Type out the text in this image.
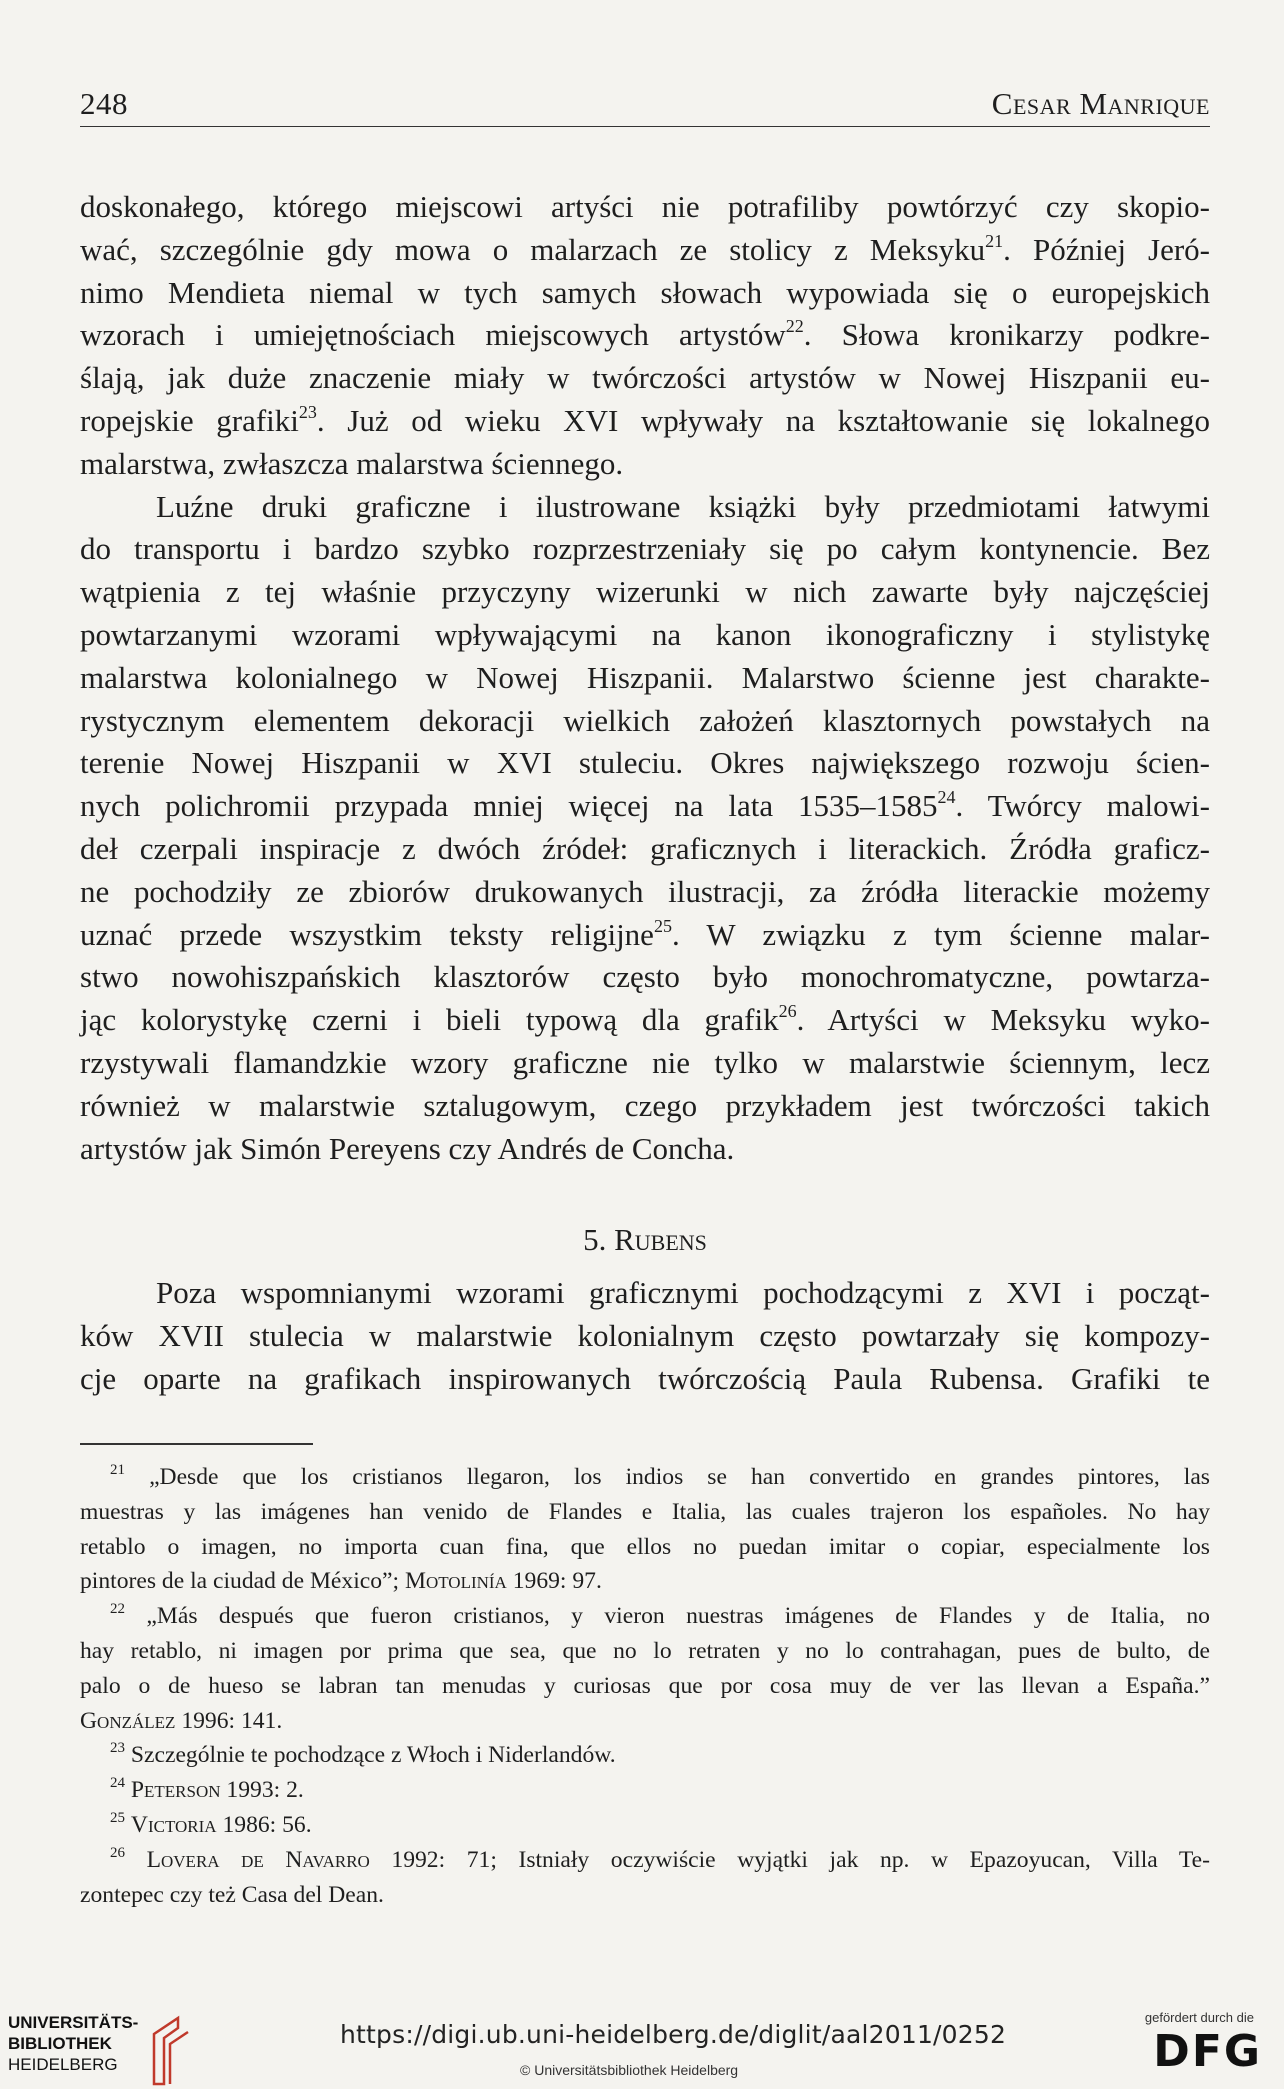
248	Cesar Manrique
doskonałego, którego miejscowi artyści nie potrafiliby powtórzyć czy skopio-
wać, szczególnie gdy mowa o malarzach ze stolicy z Meksyku$^{21}$. Później Jeró-
nimo Mendieta niemal w tych samych słowach wypowiada się o europejskich
wzorach i umiejętnościach miejscowych artystów$^{22}$. Słowa kronikarzy podkre-
ślają, jak duże znaczenie miały w twórczości artystów w Nowej Hiszpanii eu-
ropejskie grafiki$^{23}$. Już od wieku XVI wpływały na kształtowanie się lokalnego
malarstwa, zwłaszcza malarstwa ściennego.
Luźne druki graficzne i ilustrowane książki były przedmiotami łatwymi
do transportu i bardzo szybko rozprzestrzeniały się po całym kontynencie. Bez
wątpienia z tej właśnie przyczyny wizerunki w nich zawarte były najczęściej
powtarzanymi wzorami wpływającymi na kanon ikonograficzny i stylistykę
malarstwa kolonialnego w Nowej Hiszpanii. Malarstwo ścienne jest charakte-
rystycznym elementem dekoracji wielkich założeń klasztornych powstałych na
terenie Nowej Hiszpanii w XVI stuleciu. Okres największego rozwoju ścien-
nych polichromii przypada mniej więcej na lata 1535–1585$^{24}$. Twórcy malowi-
deł czerpali inspiracje z dwóch źródeł: graficznych i literackich. Źródła graficz-
ne pochodziły ze zbiorów drukowanych ilustracji, za źródła literackie możemy
uznać przede wszystkim teksty religijne$^{25}$. W związku z tym ścienne malar-
stwo nowohiszpańskich klasztorów często było monochromatyczne, powtarza-
jąc kolorystykę czerni i bieli typową dla grafik$^{26}$. Artyści w Meksyku wyko-
rzystywali flamandzkie wzory graficzne nie tylko w malarstwie ściennym, lecz
również w malarstwie sztalugowym, czego przykładem jest twórczości takich
artystów jak Simón Pereyens czy Andrés de Concha.
5. Rubens
Poza wspomnianymi wzorami graficznymi pochodzącymi z XVI i począt-
ków XVII stulecia w malarstwie kolonialnym często powtarzały się kompozy-
cje oparte na grafikach inspirowanych twórczością Paula Rubensa. Grafiki te
$^{21}$ „Desde que los cristianos llegaron, los indios se han convertido en grandes pintores, las
muestras y las imágenes han venido de Flandes e Italia, las cuales trajeron los españoles. No hay
retablo o imagen, no importa cuan fina, que ellos no puedan imitar o copiar, especialmente los
pintores de la ciudad de México”; Motolinía 1969: 97.
$^{22}$ „Más después que fueron cristianos, y vieron nuestras imágenes de Flandes y de Italia, no
hay retablo, ni imagen por prima que sea, que no lo retraten y no lo contrahagan, pues de bulto, de
palo o de hueso se labran tan menudas y curiosas que por cosa muy de ver las llevan a España.”
González 1996: 141.
$^{23}$ Szczególnie te pochodzące z Włoch i Niderlandów.
$^{24}$ Peterson 1993: 2.
$^{25}$ Victoria 1986: 56.
$^{26}$ Lovera de Navarro 1992: 71; Istniały oczywiście wyjątki jak np. w Epazoyucan, Villa Te-
zontepec czy też Casa del Dean.
UNIVERSITÄTS-
BIBLIOTHEK
HEIDELBERG
https://digi.ub.uni-heidelberg.de/diglit/aal2011/0252
© Universitätsbibliothek Heidelberg
gefördert durch die
DFG
